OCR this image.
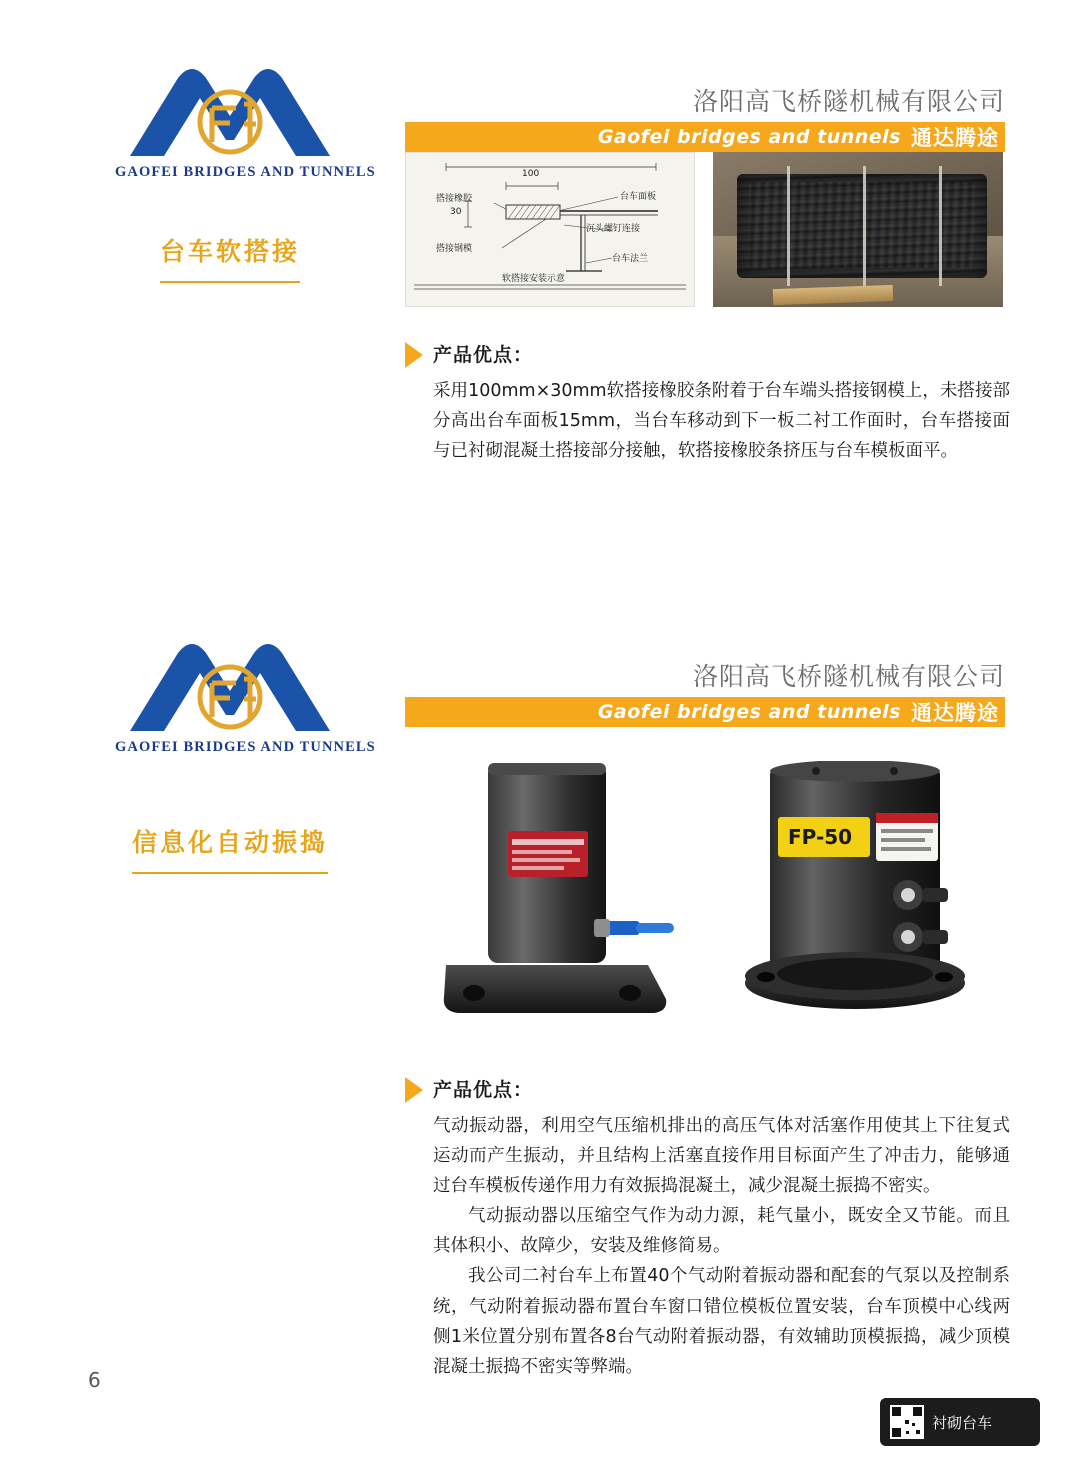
GAOFEI BRIDGES AND TUNNELS
台车软搭接
洛阳高飞桥隧机械有限公司
Gaofei bridges and tunnels 通达腾途
搭接橡胶
100
30
台车面板
搭接钢模
沉头螺钉连接
台车法兰
软搭接安装示意
产品优点：

采用100mm×30mm软搭接橡胶条附着于台车端头搭接钢模上，未搭接部分高出台车面板15mm，当台车移动到下一板二衬工作面时，台车搭接面与已衬砌混凝土搭接部分接触，软搭接橡胶条挤压与台车模板面平。

GAOFEI BRIDGES AND TUNNELS
信息化自动振捣
洛阳高飞桥隧机械有限公司
Gaofei bridges and tunnels 通达腾途
FP-50
产品优点：

气动振动器，利用空气压缩机排出的高压气体对活塞作用使其上下往复式运动而产生振动，并且结构上活塞直接作用目标面产生了冲击力，能够通过台车模板传递作用力有效振捣混凝土，减少混凝土振捣不密实。

气动振动器以压缩空气作为动力源，耗气量小，既安全又节能。而且其体积小、故障少，安装及维修简易。

我公司二衬台车上布置40个气动附着振动器和配套的气泵以及控制系统，气动附着振动器布置台车窗口错位模板位置安装，台车顶模中心线两侧1米位置分别布置各8台气动附着振动器，有效辅助顶模振捣，减少顶模混凝土振捣不密实等弊端。

6
衬砌台车
